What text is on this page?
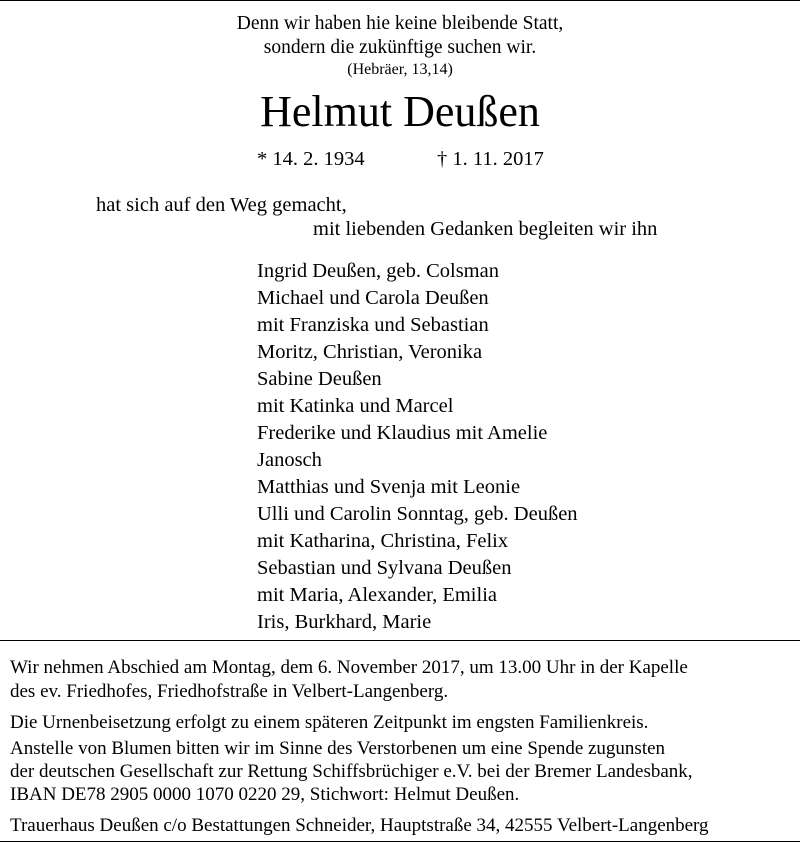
Denn wir haben hie keine bleibende Statt,

sondern die zukünftige suchen wir.

(Hebräer, 13,14)

Helmut Deußen

* 14. 2. 1934	† 1. 11. 2017

hat sich auf den Weg gemacht,

mit liebenden Gedanken begleiten wir ihn

Ingrid Deußen, geb. Colsman

Michael und Carola Deußen

mit Franziska und Sebastian

Moritz, Christian, Veronika

Sabine Deußen

mit Katinka und Marcel

Frederike und Klaudius mit Amelie

Janosch

Matthias und Svenja mit Leonie

Ulli und Carolin Sonntag, geb. Deußen

mit Katharina, Christina, Felix

Sebastian und Sylvana Deußen

mit Maria, Alexander, Emilia

Iris, Burkhard, Marie

Wir nehmen Abschied am Montag, dem 6. November 2017, um 13.00 Uhr in der Kapelle

des ev. Friedhofes, Friedhofstraße in Velbert-Langenberg.

Die Urnenbeisetzung erfolgt zu einem späteren Zeitpunkt im engsten Familienkreis.

Anstelle von Blumen bitten wir im Sinne des Verstorbenen um eine Spende zugunsten

der deutschen Gesellschaft zur Rettung Schiffsbrüchiger e.V. bei der Bremer Landesbank,

IBAN DE78 2905 0000 1070 0220 29, Stichwort: Helmut Deußen.

Trauerhaus Deußen c/o Bestattungen Schneider, Hauptstraße 34, 42555 Velbert-Langenberg
